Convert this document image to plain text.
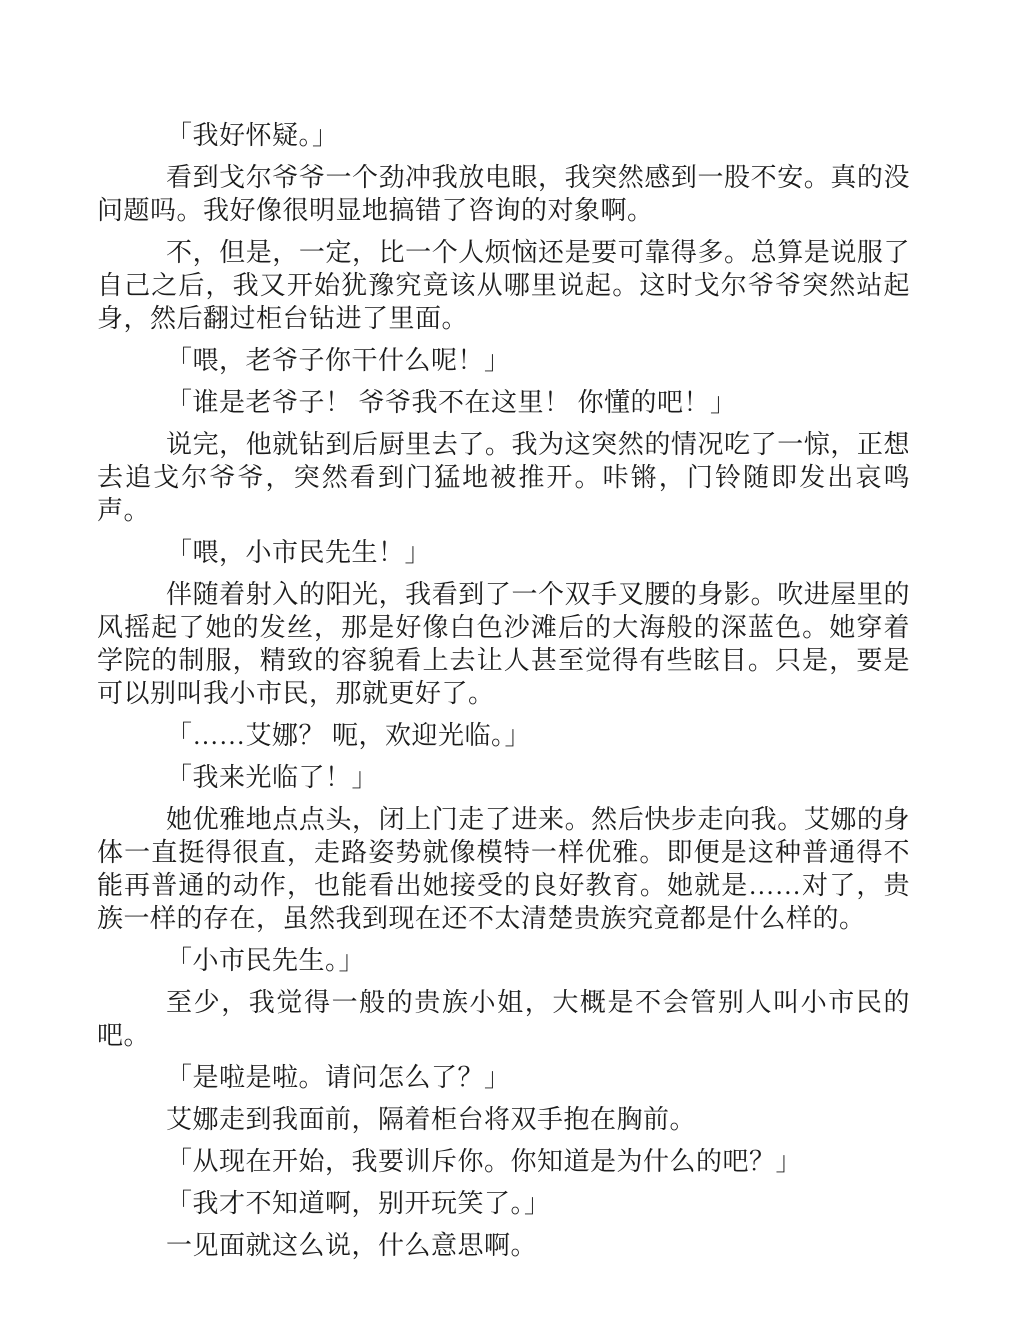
「我好怀疑。」

看到戈尔爷爷一个劲冲我放电眼，我突然感到一股不安。真的没问题吗。我好像很明显地搞错了咨询的对象啊。

不，但是，一定，比一个人烦恼还是要可靠得多。总算是说服了自己之后，我又开始犹豫究竟该从哪里说起。这时戈尔爷爷突然站起身，然后翻过柜台钻进了里面。

「喂，老爷子你干什么呢！」

「谁是老爷子！ 爷爷我不在这里！ 你懂的吧！」

说完，他就钻到后厨里去了。我为这突然的情况吃了一惊，正想去追戈尔爷爷，突然看到门猛地被推开。咔锵，门铃随即发出哀鸣声。

「喂，小市民先生！」

伴随着射入的阳光，我看到了一个双手叉腰的身影。吹进屋里的风摇起了她的发丝，那是好像白色沙滩后的大海般的深蓝色。她穿着学院的制服，精致的容貌看上去让人甚至觉得有些眩目。只是，要是可以别叫我小市民，那就更好了。

「……艾娜？ 呃，欢迎光临。」

「我来光临了！」

她优雅地点点头，闭上门走了进来。然后快步走向我。艾娜的身体一直挺得很直，走路姿势就像模特一样优雅。即便是这种普通得不能再普通的动作，也能看出她接受的良好教育。她就是……对了，贵族一样的存在，虽然我到现在还不太清楚贵族究竟都是什么样的。

「小市民先生。」

至少，我觉得一般的贵族小姐，大概是不会管别人叫小市民的吧。

「是啦是啦。请问怎么了？」

艾娜走到我面前，隔着柜台将双手抱在胸前。

「从现在开始，我要训斥你。你知道是为什么的吧？」

「我才不知道啊，别开玩笑了。」

一见面就这么说，什么意思啊。
